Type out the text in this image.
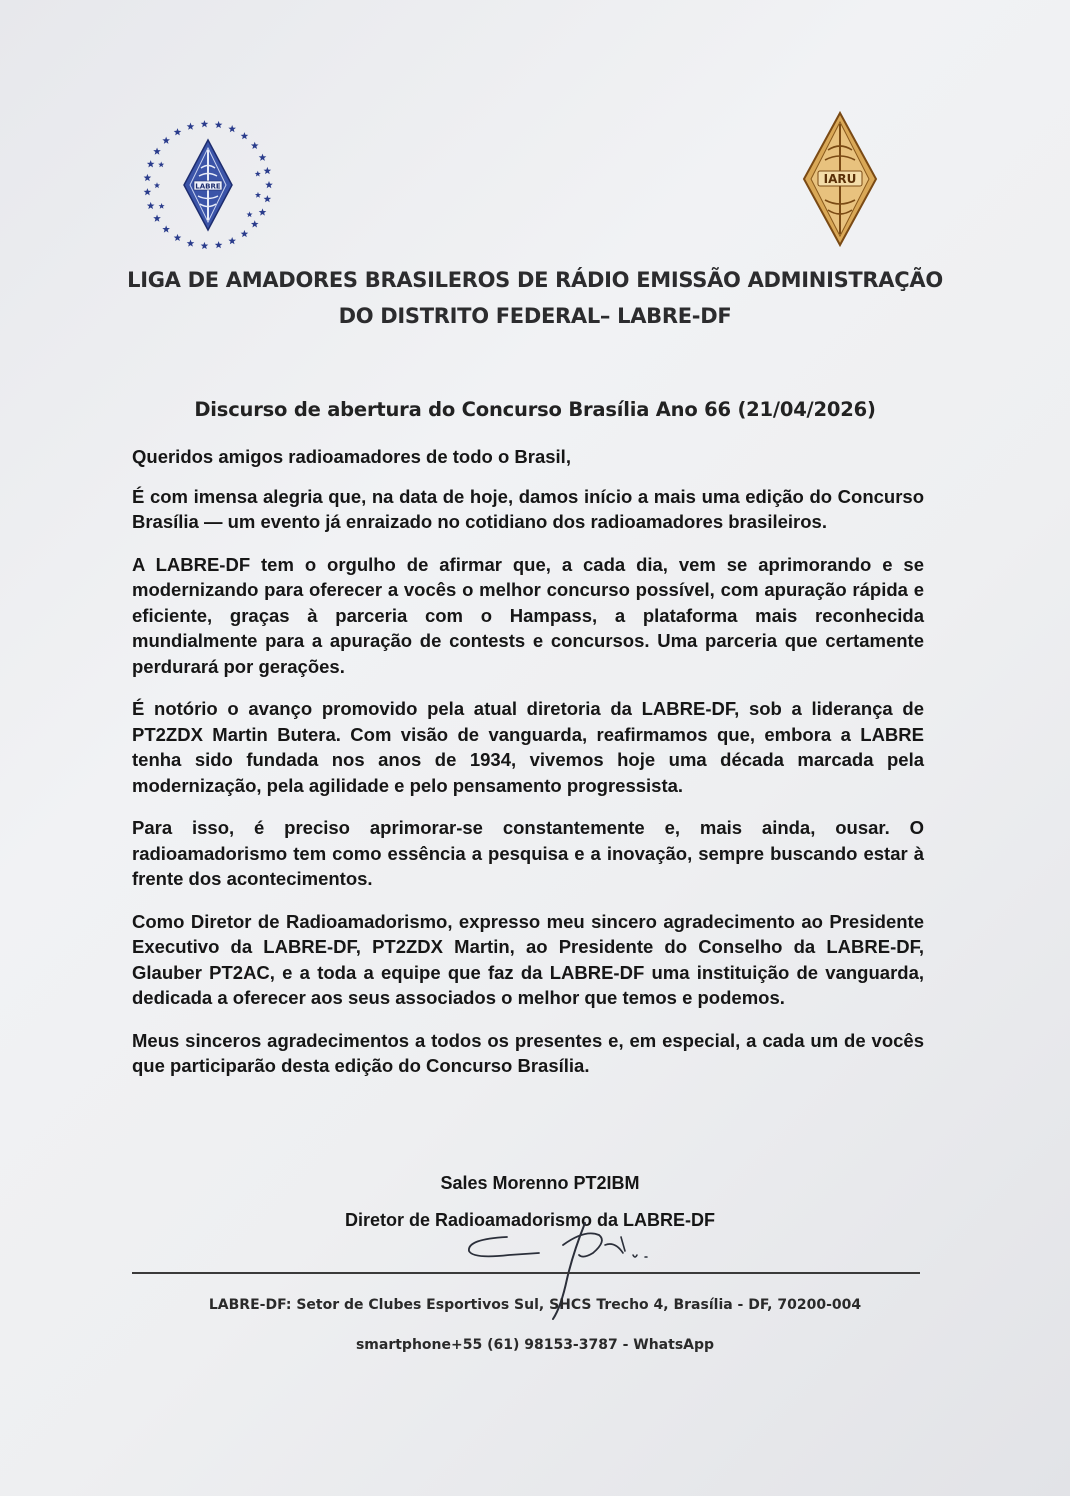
LABRE
IARU
LIGA DE AMADORES BRASILEROS DE RÁDIO EMISSÃO ADMINISTRAÇÃO
DO DISTRITO FEDERAL– LABRE-DF
Discurso de abertura do Concurso Brasília Ano 66 (21/04/2026)

Queridos amigos radioamadores de todo o Brasil,

É com imensa alegria que, na data de hoje, damos início a mais uma edição do Concurso Brasília — um evento já enraizado no cotidiano dos radioamadores brasileiros.

A LABRE-DF tem o orgulho de afirmar que, a cada dia, vem se aprimorando e se modernizando para oferecer a vocês o melhor concurso possível, com apuração rápida e eficiente, graças à parceria com o Hampass, a plataforma mais reconhecida mundialmente para a apuração de contests e concursos. Uma parceria que certamente perdurará por gerações.

É notório o avanço promovido pela atual diretoria da LABRE-DF, sob a liderança de PT2ZDX Martin Butera. Com visão de vanguarda, reafirmamos que, embora a LABRE tenha sido fundada nos anos de 1934, vivemos hoje uma década marcada pela modernização, pela agilidade e pelo pensamento progressista.

Para isso, é preciso aprimorar-se constantemente e, mais ainda, ousar. O radioamadorismo tem como essência a pesquisa e a inovação, sempre buscando estar à frente dos acontecimentos.

Como Diretor de Radioamadorismo, expresso meu sincero agradecimento ao Presidente Executivo da LABRE-DF, PT2ZDX Martin, ao Presidente do Conselho da LABRE-DF, Glauber PT2AC, e a toda a equipe que faz da LABRE-DF uma instituição de vanguarda, dedicada a oferecer aos seus associados o melhor que temos e podemos.

Meus sinceros agradecimentos a todos os presentes e, em especial, a cada um de vocês que participarão desta edição do Concurso Brasília.

Sales Morenno PT2IBM
Diretor de Radioamadorismo da LABRE-DF
LABRE-DF: Setor de Clubes Esportivos Sul, SHCS Trecho 4, Brasília - DF, 70200-004
smartphone+55 (61) 98153-3787 - WhatsApp
